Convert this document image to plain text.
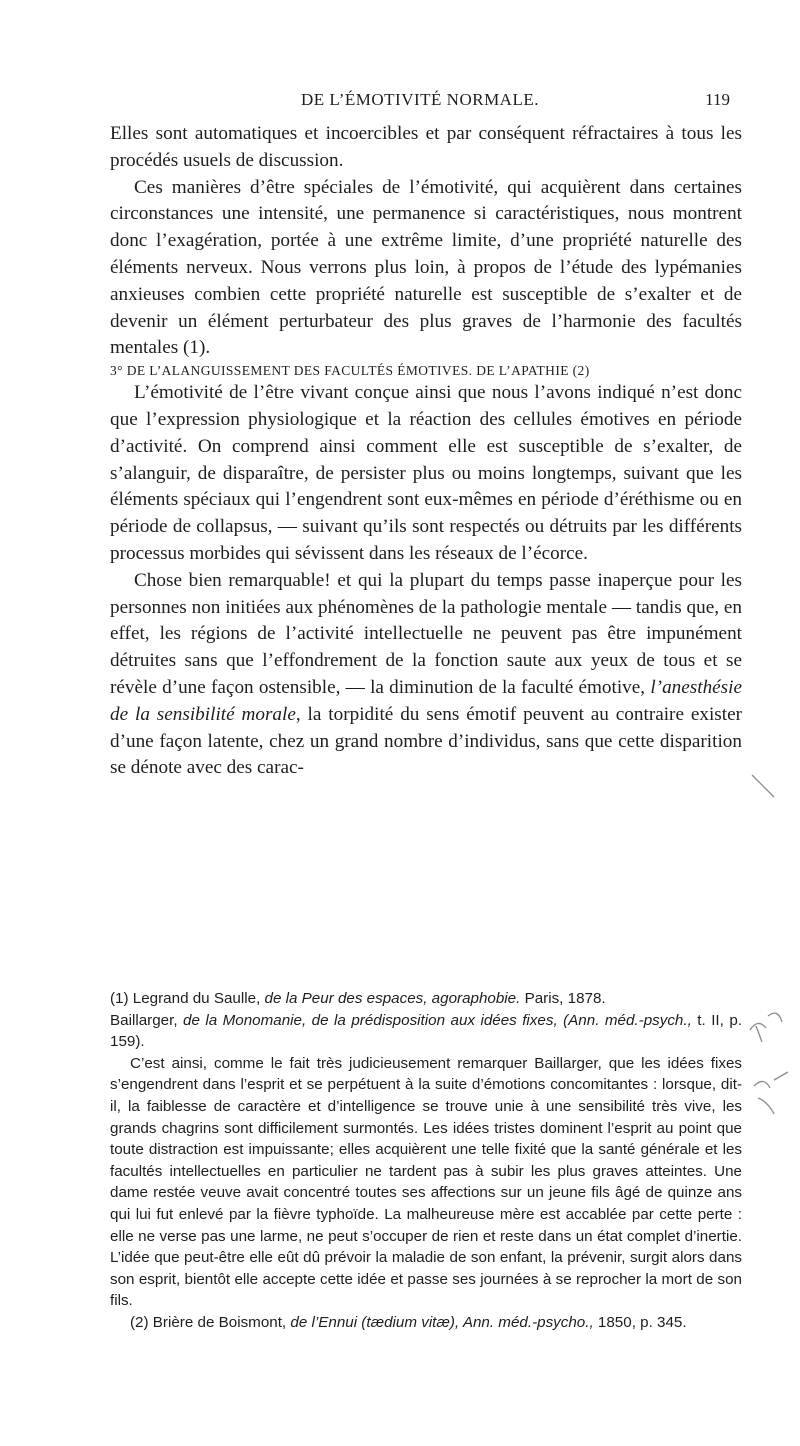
DE L’ÉMOTIVITÉ NORMALE.	119

Elles sont automatiques et incoercibles et par conséquent réfractaires à tous les procédés usuels de discussion.

Ces manières d’être spéciales de l’émotivité, qui acquièrent dans certaines circonstances une intensité, une permanence si caractéristiques, nous montrent donc l’exagération, portée à une extrême limite, d’une propriété naturelle des éléments nerveux. Nous verrons plus loin, à propos de l’étude des lypémanies anxieuses combien cette propriété naturelle est susceptible de s’exalter et de devenir un élément perturbateur des plus graves de l’harmonie des facultés mentales (1).

3° DE L’ALANGUISSEMENT DES FACULTÉS ÉMOTIVES. DE L’APATHIE (2)

L’émotivité de l’être vivant conçue ainsi que nous l’avons indiqué n’est donc que l’expression physiologique et la réaction des cellules émotives en période d’activité. On comprend ainsi comment elle est susceptible de s’exalter, de s’alanguir, de disparaître, de persister plus ou moins longtemps, suivant que les éléments spéciaux qui l’engendrent sont eux-mêmes en période d’éréthisme ou en période de collapsus, — suivant qu’ils sont respectés ou détruits par les différents processus morbides qui sévissent dans les réseaux de l’écorce.

Chose bien remarquable! et qui la plupart du temps passe inaperçue pour les personnes non initiées aux phénomènes de la pathologie mentale — tandis que, en effet, les régions de l’activité intellectuelle ne peuvent pas être impunément détruites sans que l’effondrement de la fonction saute aux yeux de tous et se révèle d’une façon ostensible, — la diminution de la faculté émotive, l’anesthésie de la sensibilité morale, la torpidité du sens émotif peuvent au contraire exister d’une façon latente, chez un grand nombre d’individus, sans que cette disparition se dénote avec des carac-

(1) Legrand du Saulle, de la Peur des espaces, agoraphobie. Paris, 1878.

Baillarger, de la Monomanie, de la prédisposition aux idées fixes, (Ann. méd.-psych., t. II, p. 159).

C’est ainsi, comme le fait très judicieusement remarquer Baillarger, que les idées fixes s’engendrent dans l’esprit et se perpétuent à la suite d’émotions concomitantes : lorsque, dit-il, la faiblesse de caractère et d’intelligence se trouve unie à une sensibilité très vive, les grands chagrins sont difficilement surmontés. Les idées tristes dominent l’esprit au point que toute distraction est impuissante; elles acquièrent une telle fixité que la santé générale et les facultés intellectuelles en particulier ne tardent pas à subir les plus graves atteintes. Une dame restée veuve avait concentré toutes ses affections sur un jeune fils âgé de quinze ans qui lui fut enlevé par la fièvre typhoïde. La malheureuse mère est accablée par cette perte : elle ne verse pas une larme, ne peut s’occuper de rien et reste dans un état complet d’inertie. L’idée que peut-être elle eût dû prévoir la maladie de son enfant, la prévenir, surgit alors dans son esprit, bientôt elle accepte cette idée et passe ses journées à se reprocher la mort de son fils.

(2) Brière de Boismont, de l’Ennui (tædium vitæ), Ann. méd.-psycho., 1850, p. 345.
